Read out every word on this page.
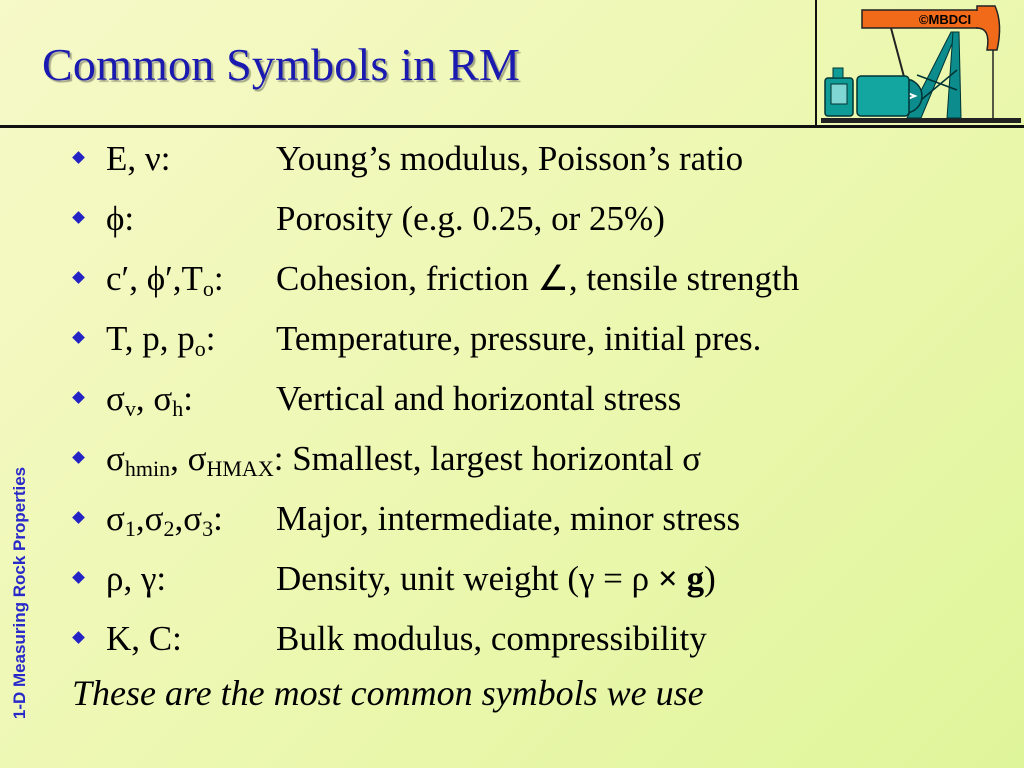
Common Symbols in RM
©MBDCI
1-D Measuring Rock Properties
E, ν:	Young’s modulus, Poisson’s ratio
ϕ:	Porosity (e.g. 0.25, or 25%)
c′, $\phi',T_o$: Cohesion, friction ∠, tensile strength
T, p, $p_o$: Temperature, pressure, initial pres.
$\sigma_v$, $\sigma_h$: Vertical and horizontal stress
$\sigma_{hmin}$, $\sigma_{HMAX}$: Smallest, largest horizontal σ
$\sigma_1,\sigma_2,\sigma_3$: Major, intermediate, minor stress
ρ, γ:	Density, unit weight (γ = ρ × g)
K, C:	Bulk modulus, compressibility
These are the most common symbols we use
